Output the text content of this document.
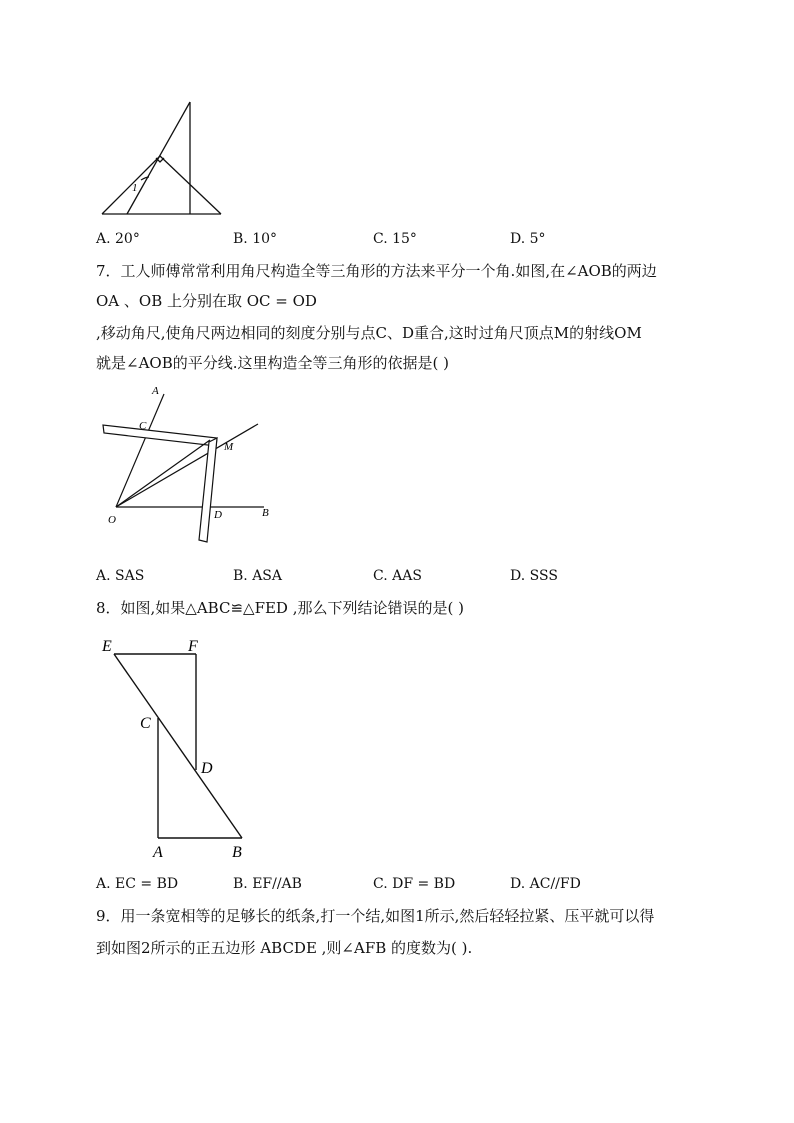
1
A. 20°	B. 10°	C. 15°	D. 5°
7．工人师傅常常利用角尺构造全等三角形的方法来平分一个角.如图,在∠AOB的两边
OA 、OB 上分别在取 OC = OD
,移动角尺,使角尺两边相同的刻度分别与点C、D重合,这时过角尺顶点M的射线OM
就是∠AOB的平分线.这里构造全等三角形的依据是( )
A
C
M
O	D	B
A. SAS	B. ASA	C. AAS	D. SSS
8．如图,如果△ABC≌△FED ,那么下列结论错误的是( )
E	F
C
D
A	B
A. EC = BD	B. EF//AB	C. DF = BD	D. AC//FD
9．用一条宽相等的足够长的纸条,打一个结,如图1所示,然后轻轻拉紧、压平就可以得
到如图2所示的正五边形 ABCDE ,则∠AFB 的度数为( ).
